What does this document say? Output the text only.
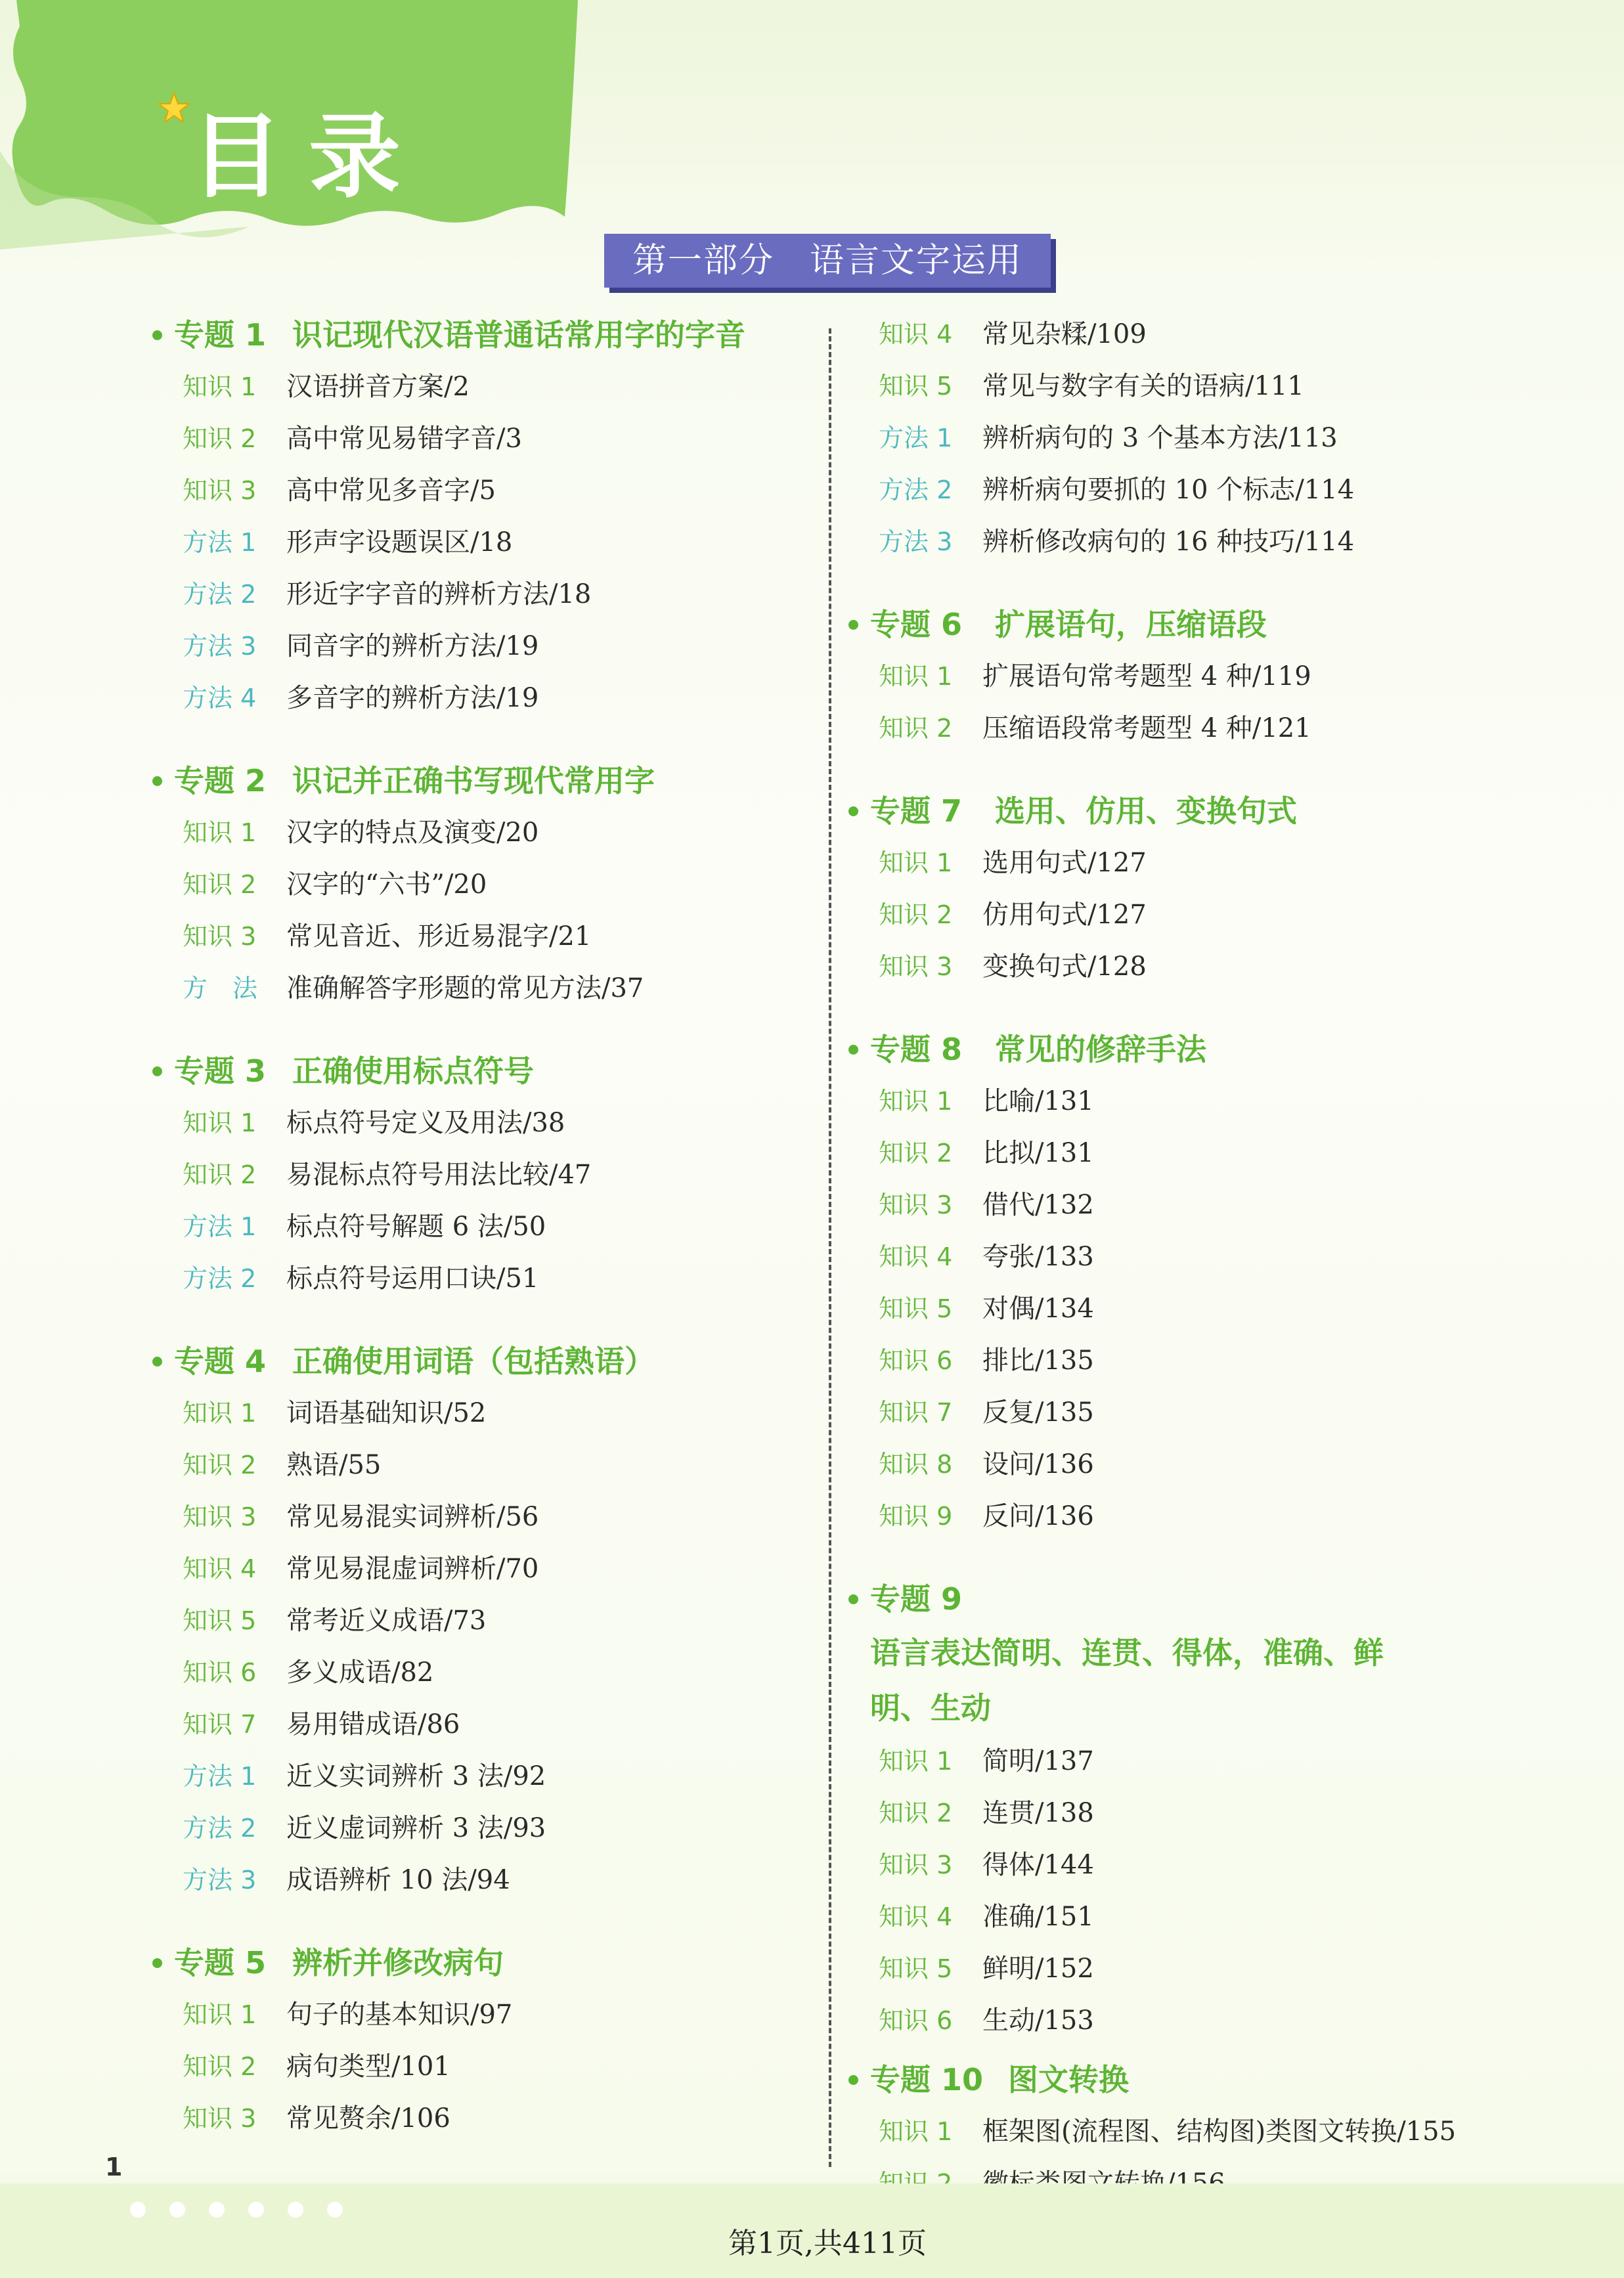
目录
第一部分　语言文字运用
专题 1 识记现代汉语普通话常用字的字音
知识 1 汉语拼音方案/2
知识 2 高中常见易错字音/3
知识 3 高中常见多音字/5
方法 1 形声字设题误区/18
方法 2 形近字字音的辨析方法/18
方法 3 同音字的辨析方法/19
方法 4 多音字的辨析方法/19
专题 2 识记并正确书写现代常用字
知识 1 汉字的特点及演变/20
知识 2 汉字的“六书”/20
知识 3 常见音近、形近易混字/21
方　法 准确解答字形题的常见方法/37
专题 3 正确使用标点符号
知识 1 标点符号定义及用法/38
知识 2 易混标点符号用法比较/47
方法 1 标点符号解题 6 法/50
方法 2 标点符号运用口诀/51
专题 4 正确使用词语（包括熟语）
知识 1 词语基础知识/52
知识 2 熟语/55
知识 3 常见易混实词辨析/56
知识 4 常见易混虚词辨析/70
知识 5 常考近义成语/73
知识 6 多义成语/82
知识 7 易用错成语/86
方法 1 近义实词辨析 3 法/92
方法 2 近义虚词辨析 3 法/93
方法 3 成语辨析 10 法/94
专题 5 辨析并修改病句
知识 1 句子的基本知识/97
知识 2 病句类型/101
知识 3 常见赘余/106
知识 4 常见杂糅/109
知识 5 常见与数字有关的语病/111
方法 1 辨析病句的 3 个基本方法/113
方法 2 辨析病句要抓的 10 个标志/114
方法 3 辨析修改病句的 16 种技巧/114
专题 6 扩展语句，压缩语段
知识 1 扩展语句常考题型 4 种/119
知识 2 压缩语段常考题型 4 种/121
专题 7 选用、仿用、变换句式
知识 1 选用句式/127
知识 2 仿用句式/127
知识 3 变换句式/128
专题 8 常见的修辞手法
知识 1 比喻/131
知识 2 比拟/131
知识 3 借代/132
知识 4 夸张/133
知识 5 对偶/134
知识 6 排比/135
知识 7 反复/135
知识 8 设问/136
知识 9 反问/136
专题 9语言表达简明、连贯、得体，准确、鲜明、生动
知识 1 简明/137
知识 2 连贯/138
知识 3 得体/144
知识 4 准确/151
知识 5 鲜明/152
知识 6 生动/153
专题 10 图文转换
知识 1 框架图(流程图、结构图)类图文转换/155
1
第1页,共411页
